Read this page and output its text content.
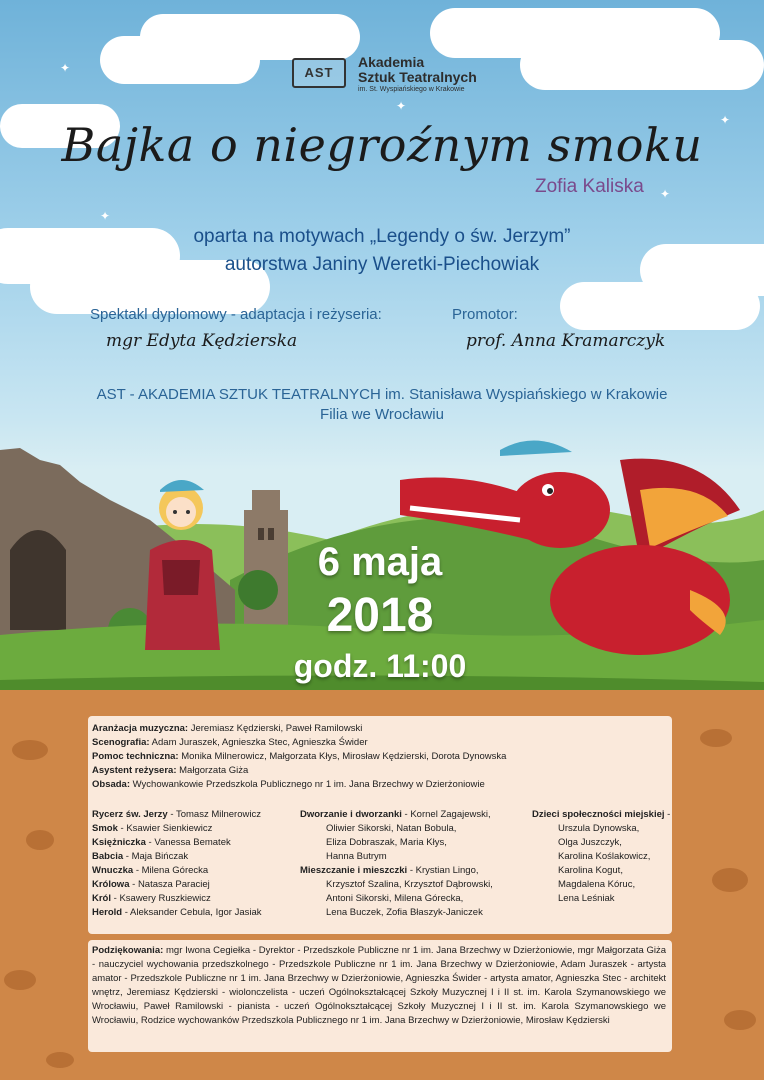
✦
✦
✦
✦
✦
AST
Akademia
Sztuk Teatralnych
im. St. Wyspiańskiego w Krakowie
Bajka o niegroźnym smoku
Zofia Kaliska
oparta na motywach „Legendy o św. Jerzym”
autorstwa Janiny Weretki-Piechowiak
Spektakl dyplomowy - adaptacja i reżyseria:
mgr Edyta Kędzierska
Promotor:
prof. Anna Kramarczyk
AST - AKADEMIA SZTUK TEATRALNYCH im. Stanisława Wyspiańskiego w Krakowie
Filia we Wrocławiu
6 maja
2018
godz. 11:00
Aranżacja muzyczna: Jeremiasz Kędzierski, Paweł Ramilowski
Scenografia: Adam Juraszek, Agnieszka Stec, Agnieszka Świder
Pomoc techniczna: Monika Milnerowicz, Małgorzata Kłys, Mirosław Kędzierski, Dorota Dynowska
Asystent reżysera: Małgorzata Giża
Obsada: Wychowankowie Przedszkola Publicznego nr 1 im. Jana Brzechwy w Dzierżoniowie
Rycerz św. Jerzy - Tomasz Milnerowicz
Smok - Ksawier Sienkiewicz
Księżniczka - Vanessa Bematek
Babcia - Maja Bińczak
Wnuczka - Milena Górecka
Królowa - Natasza Paraciej
Król - Ksawery Ruszkiewicz
Herold - Aleksander Cebula, Igor Jasiak
Dworzanie i dworzanki - Kornel Zagajewski,
Oliwier Sikorski, Natan Bobula,
Eliza Dobraszak, Maria Kłys,
Hanna Butrym
Mieszczanie i mieszczki - Krystian Lingo,
Krzysztof Szalina, Krzysztof Dąbrowski,
Antoni Sikorski, Milena Górecka,
Lena Buczek, Zofia Błaszyk-Janiczek
Dzieci społeczności miejskiej -
Urszula Dynowska,
Olga Juszczyk,
Karolina Koślakowicz,
Karolina Kogut,
Magdalena Kóruc,
Lena Leśniak
Podziękowania: mgr Iwona Cegiełka - Dyrektor - Przedszkole Publiczne nr 1 im. Jana Brzechwy w Dzierżoniowie, mgr Małgorzata Giża - nauczyciel wychowania przedszkolnego - Przedszkole Publiczne nr 1 im. Jana Brzechwy w Dzierżoniowie, Adam Juraszek - artysta amator - Przedszkole Publiczne nr 1 im. Jana Brzechwy w Dzierżoniowie, Agnieszka Świder - artysta amator, Agnieszka Stec - architekt wnętrz, Jeremiasz Kędzierski - wiolonczelista - uczeń Ogólnokształcącej Szkoły Muzycznej I i II st. im. Karola Szymanowskiego we Wrocławiu, Paweł Ramilowski - pianista - uczeń Ogólnokształcącej Szkoły Muzycznej I i II st. im. Karola Szymanowskiego we Wrocławiu, Rodzice wychowanków Przedszkola Publicznego nr 1 im. Jana Brzechwy w Dzierżoniowie, Mirosław Kędzierski
